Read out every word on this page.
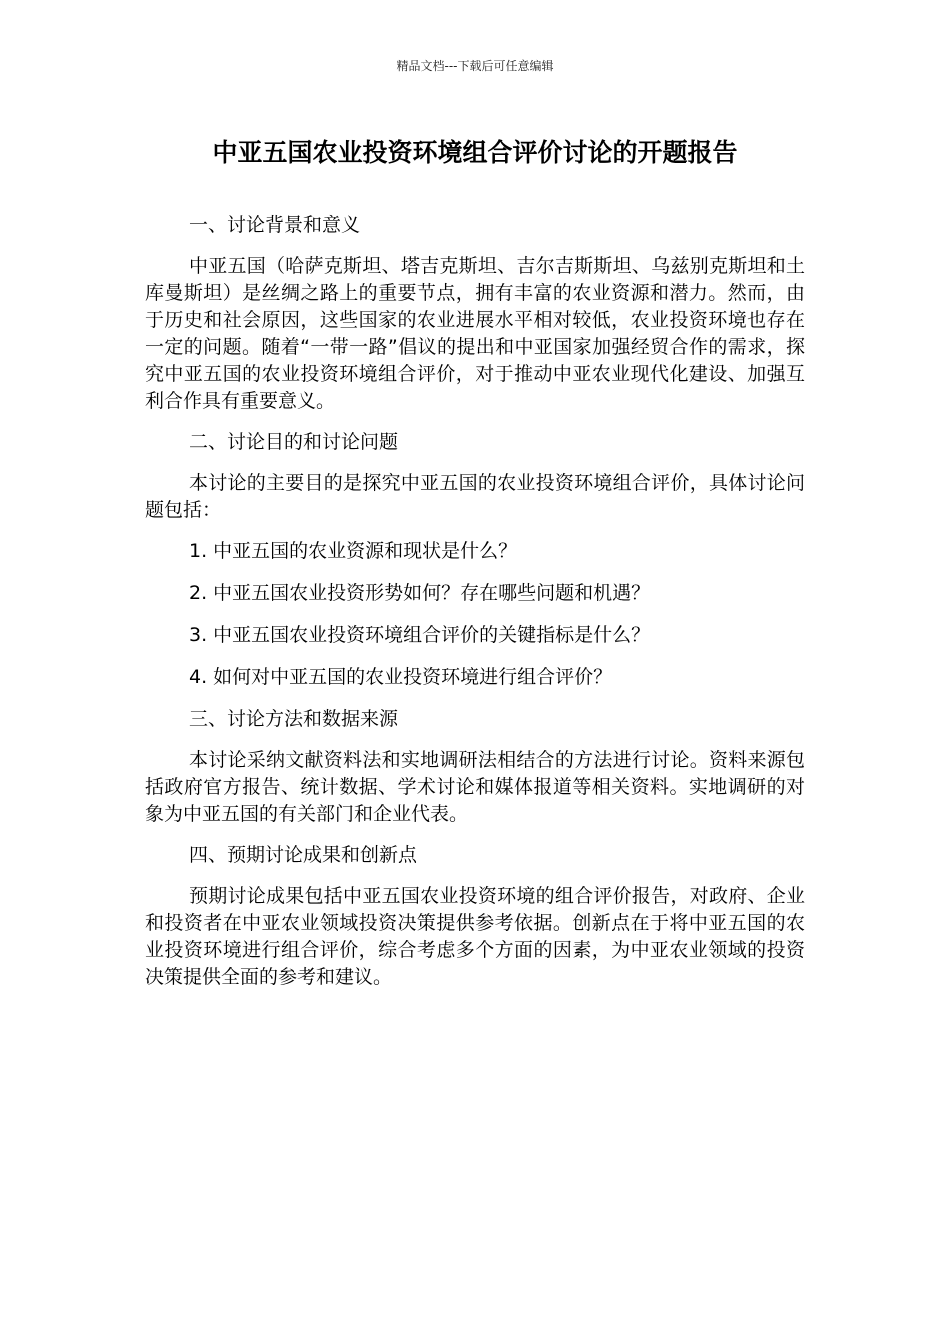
精品文档---下载后可任意编辑
中亚五国农业投资环境组合评价讨论的开题报告

一、讨论背景和意义

中亚五国（哈萨克斯坦、塔吉克斯坦、吉尔吉斯斯坦、乌兹别克斯坦和土库曼斯坦）是丝绸之路上的重要节点，拥有丰富的农业资源和潜力。然而，由于历史和社会原因，这些国家的农业进展水平相对较低，农业投资环境也存在一定的问题。随着“一带一路”倡议的提出和中亚国家加强经贸合作的需求，探究中亚五国的农业投资环境组合评价，对于推动中亚农业现代化建设、加强互利合作具有重要意义。

二、讨论目的和讨论问题

本讨论的主要目的是探究中亚五国的农业投资环境组合评价，具体讨论问题包括：

1. 中亚五国的农业资源和现状是什么？
2. 中亚五国农业投资形势如何？存在哪些问题和机遇？
3. 中亚五国农业投资环境组合评价的关键指标是什么？
4. 如何对中亚五国的农业投资环境进行组合评价？

三、讨论方法和数据来源

本讨论采纳文献资料法和实地调研法相结合的方法进行讨论。资料来源包括政府官方报告、统计数据、学术讨论和媒体报道等相关资料。实地调研的对象为中亚五国的有关部门和企业代表。

四、预期讨论成果和创新点

预期讨论成果包括中亚五国农业投资环境的组合评价报告，对政府、企业和投资者在中亚农业领域投资决策提供参考依据。创新点在于将中亚五国的农业投资环境进行组合评价，综合考虑多个方面的因素，为中亚农业领域的投资决策提供全面的参考和建议。
